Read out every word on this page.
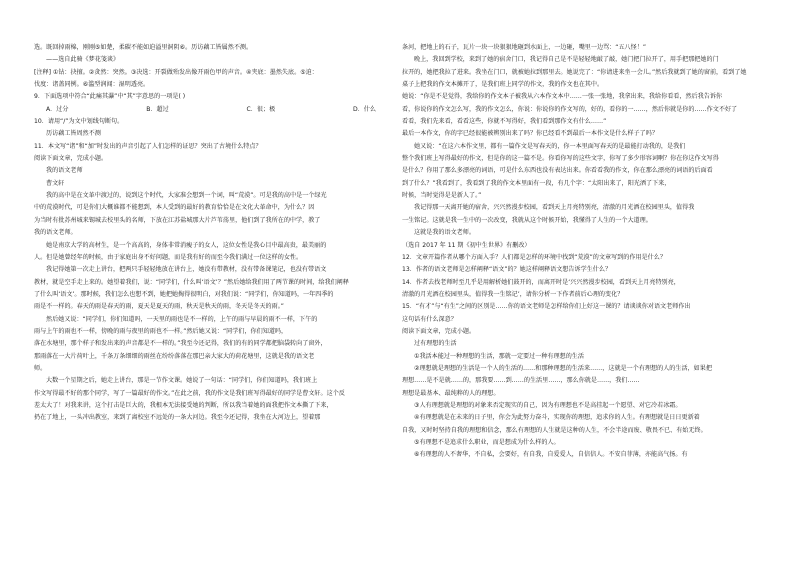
选。既回掉雨棉，刚刚⑤如楚，柔碳不能如迫溢里洞阴⑥。历访藕工皆属然不测。

——选自此骑《梦花笺谈》

[注释] ①钻：抉擅。②贪然：突然。③决选：开裂做殆发出像开雨色甲的声音。④夹底：墨然失底。⑤迫：

伐度：诸盖同例。⑥滥型润闻：湿明透亮。

9．下面选项中符合“此痛其瀑”中“其”字意思的一项是( )

A．过分	B．超过	C．很；极	D．什么

10．请用“/”为文中划线句断句。

历访藕工皆周然不测

11．本文写“诸”和“加”时发出的声音引起了人们怎样的证思？突出了古境什么特点？

阅读下面文章，完成小题。

我的语文老师

曹文轩

我的高中是在文革中渡过的，说到这个时代，大家准会想到一个词，叫“荒漠”。可是我的高中是一个绿光

中的荒漠时代，可是你们大概谁都不能想到，本人受到的最好的教育恰恰是在文化大革命中，为什么？因

为当时有批苏州城来锡城去校里头的名师，下放在江苏盐城那大片芦苇荡里，他们到了我所在的中学，教了

我的语文老师。

她是南京大学的高材生，是一个高高的，身体非常消瘦子的女人，这位女性是我心目中最高贵，最美丽的

人。但是她曾经年的时候，由于家庭出身不好问题，而是我有好的而至今我们满过一位这样的女性。

我记得她第一次走上讲台，把两只手轻轻地放在讲台上，她没有带教材，没有带备课笔记，也没有带语文

教材，就是空手走上来的。她望着我们，说：“同学们，什么叫‘语文’？”然后她给我们用了两节课的时间，给我们阐释

了什么叫‘语文’。那时候，我们怎么也想不到，她把她掏得很明白，对我们说：“同学们，你知道吗，一年四季的

雨是不一样的。春天的雨是春天的雨，夏天是夏天的雨，秋天是秋天的雨，冬天是冬天的雨。”

然后她又说：“同学们，你们知道吗，一天里的雨也是不一样的，上午的雨与早晨的雨不一样，下午的

雨与上午的雨也不一样，傍晚的雨与夜里的雨也不一样。”然后她又说：“同学们，你们知道吗，

落在水塘里，那个样子和发出来的声音都是不一样的。”我至今还记得，我们的有的同学都把脑袋转向了窗外，

那雨落在一大片荷叶上，千条万条细细的雨丝在纷纷落落在那巴亲大家大的荷花塘里，这就是我的语文老

师。

大数一个星期之后，她走上讲台，那是一节作文课。她说了一句话：“同学们，你们知道吗，我们班上

作文写得最不好的那个同学，写了一篇最好的作文。”在此之前，我的作文是我们班写得最好的同学是曹文轩。这个反

差太大了！对我来讲，这个打击是巨大的，我根本无法接受她的判断，所以我当着她的面我把作文本撕了下来，

扔在了地上，一头冲出教室，来到了离校室不远处的一条大河边。我至今还记得，我坐在大河边上，望着那

条河，把地上的石子，瓦片一块一块狠狠地砸到水面上，一边砸，嘴里一边骂：“五八怪！”

晚上，我回到学校，来到了她的宿舍门口，我记得自己是不是轻轻地敲了敲，她门把门拉开了，用手把那把她的门

拉开的，她把我拉了进来。我坐在门口，就被她拉到那里去。她说完了：“你请进来坐一会儿。”然后我就到了她的窗前，看到了她

桌子上把我的作文本摊开了，是我们班上同学的作文，我的作文也在其中。

她说：“你是不是觉得，我给你的作文本子被我从六本作文本中……一张一张地，我拿出来，我给你看看，然后我告诉你

看，你说你的作文怎么写，我的作文怎么，你说：你说你的作文写的，好的，看你的一……，然后你就是你的……作文不好了

看看，我们先来看，看看这些，你就不写得好，我们看到那作文有什么……”

最后一本作文，你的字已经很能被辨别出来了吗？你已经看不到最后一本作文是什么样子了吗？

她又说：“在这六本作文里，都有一篇作文是写春天的，你一本里面写春天的是最能打动我的，是我们

整个我们班上写得最好的作文，但是你的这一篇不是。你看你写的这些文字，你写了多少形容词啊？你在你这作文写得

是什么？你用了那么多漂亮的词语，可是什么东西也没有表达出来。你看看我的作文，你在那么漂亮的词语的后面看

到了什么？”我看到了，我看到了我的作文本里面有一段，有几个字：“太阳出来了，阳光洒了下来，

时候，当时觉得是是新人了。”

我记得那一天离开她的宿舍，兴兴然漫步校园，看到天上月亮特别亮，清澈的月光洒在校园里头，值得我

一生铭记。这就是我一生中的一次改变，我就从这个时候开始，我懂得了人生的一个大道理。

这就是我的语文老师。

（选自 2017 年 11 期《初中生世界》有删改）

12．文章开篇作者从哪个方面入手？人们都是怎样的环境中找到“荒漠”的文章写到的作用是什么？

13．作者的语文老师是怎样阐释“语文”的？她这样阐释语文想告诉学生什么？

14．作者去找老师时至几乎是用解析她们鼓开的，而离开时是‘兴兴然漫步校园，看到天上月亮特别亮，

清澈的月光洒在校园里头，值得我一生铭记’，请你分析一下作者前后心理的变化？

15．“有才”与“有生”之间的区别是……你的语文老师是怎样给你们上好这一课的？请谈谈你对语文老师作出

这句话有什么深意？

阅读下面文章，完成小题。

过有理想的生活

①我活本能过一种理想的生活，那就一定要过一种有理想的生活

②理想就是理想的生活是一个人的生活的……和那种理想的生活来……，这就是一个有理想的人的生活，如果把

理想……是不是就……的，那我要……到……的生活里……，那么你就是……，我们……

理想是最基本、最纯粹的人的理想。

③人有理想就是理想的对象来否定现实的自己，因为有理想也不是高挂起一个愿望、对它冷若冰霜。

④有理想就是在未来的日子里，你会为此努力奋斗，实现你的理想，追求你的人生。有理想就是日日更新着

自我，又时时坚持自我的理想和信念，那么有理想的人生就是这种的人生，不会半途而废、敬畏不已、有始无终。

⑤有理想不是追求什么职业，而是想成为什么样的人。

⑥有理想的人不奢华，不自私，会要好，有自我，自爱爱人，自信信人。不安自菲薄，亦能高气扬。有
